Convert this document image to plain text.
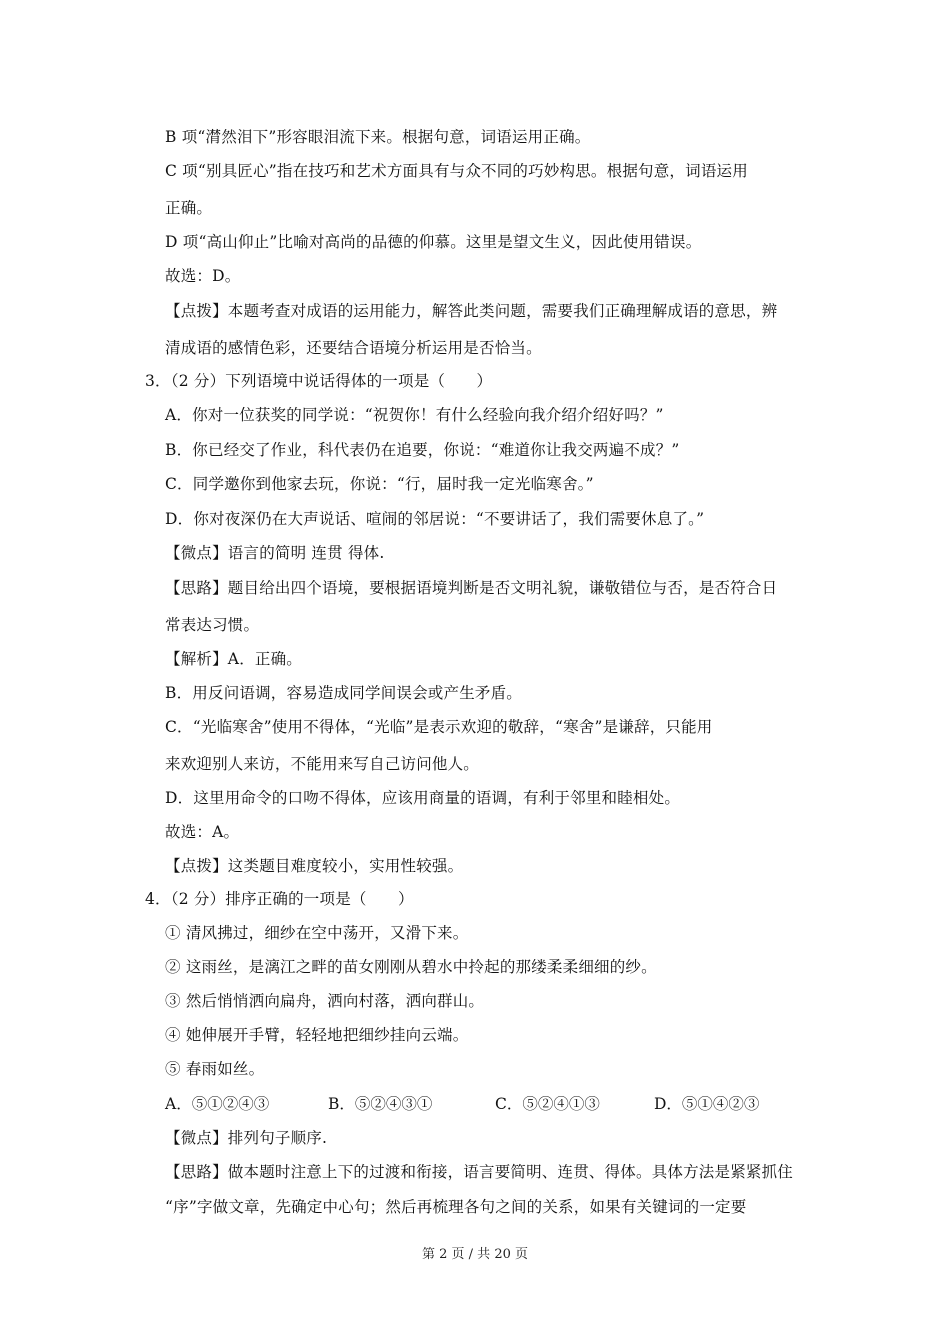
B 项“潸然泪下”形容眼泪流下来。根据句意，词语运用正确。
C 项“别具匠心”指在技巧和艺术方面具有与众不同的巧妙构思。根据句意，词语运用
正确。
D 项“高山仰止”比喻对高尚的品德的仰慕。这里是望文生义，因此使用错误。
故选：D。
【点拨】本题考查对成语的运用能力，解答此类问题，需要我们正确理解成语的意思，辨
清成语的感情色彩，还要结合语境分析运用是否恰当。
3．（2 分）下列语境中说话得体的一项是（　　）
A．你对一位获奖的同学说：“祝贺你！有什么经验向我介绍介绍好吗？”
B．你已经交了作业，科代表仍在追要，你说：“难道你让我交两遍不成？”
C．同学邀你到他家去玩，你说：“行，届时我一定光临寒舍。”
D．你对夜深仍在大声说话、喧闹的邻居说：“不要讲话了，我们需要休息了。”
【微点】语言的简明 连贯 得体.
【思路】题目给出四个语境，要根据语境判断是否文明礼貌，谦敬错位与否，是否符合日
常表达习惯。
【解析】A．正确。
B．用反问语调，容易造成同学间误会或产生矛盾。
C．“光临寒舍”使用不得体，“光临”是表示欢迎的敬辞，“寒舍”是谦辞，只能用
来欢迎别人来访，不能用来写自己访问他人。
D．这里用命令的口吻不得体，应该用商量的语调，有利于邻里和睦相处。
故选：A。
【点拨】这类题目难度较小，实用性较强。
4．（2 分）排序正确的一项是（　　）
① 清风拂过，细纱在空中荡开，又滑下来。
② 这雨丝，是漓江之畔的苗女刚刚从碧水中拎起的那缕柔柔细细的纱。
③ 然后悄悄洒向扁舟，洒向村落，洒向群山。
④ 她伸展开手臂，轻轻地把细纱挂向云端。
⑤ 春雨如丝。
A．⑤①②④③	B．⑤②④③①	C．⑤②④①③	D．⑤①④②③
【微点】排列句子顺序.
【思路】做本题时注意上下的过渡和衔接，语言要简明、连贯、得体。具体方法是紧紧抓住
“序”字做文章，先确定中心句；然后再梳理各句之间的关系，如果有关键词的一定要
第 2 页 / 共 20 页
